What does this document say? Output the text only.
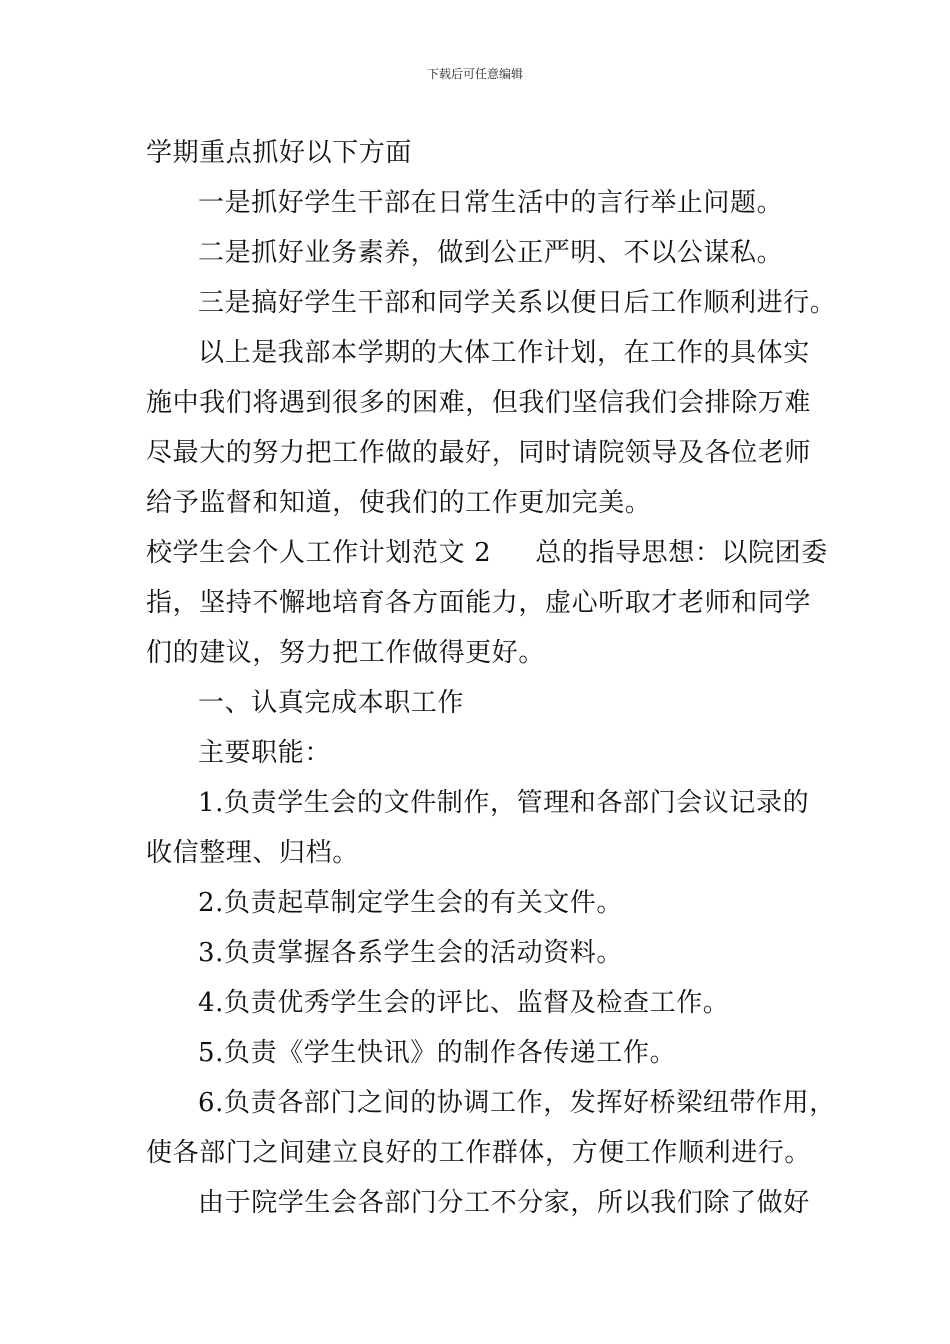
下载后可任意编辑
学期重点抓好以下方面
一是抓好学生干部在日常生活中的言行举止问题。
二是抓好业务素养，做到公正严明、不以公谋私。
三是搞好学生干部和同学关系以便日后工作顺利进行。
以上是我部本学期的大体工作计划，在工作的具体实
施中我们将遇到很多的困难，但我们坚信我们会排除万难
尽最大的努力把工作做的最好，同时请院领导及各位老师
给予监督和知道，使我们的工作更加完美。
校学生会个人工作计划范文 2 总的指导思想：以院团委
指，坚持不懈地培育各方面能力，虚心听取才老师和同学
们的建议，努力把工作做得更好。
一、认真完成本职工作
主要职能：
1.负责学生会的文件制作，管理和各部门会议记录的
收信整理、归档。
2.负责起草制定学生会的有关文件。
3.负责掌握各系学生会的活动资料。
4.负责优秀学生会的评比、监督及检查工作。
5.负责《学生快讯》的制作各传递工作。
6.负责各部门之间的协调工作，发挥好桥梁纽带作用，
使各部门之间建立良好的工作群体，方便工作顺利进行。
由于院学生会各部门分工不分家，所以我们除了做好
